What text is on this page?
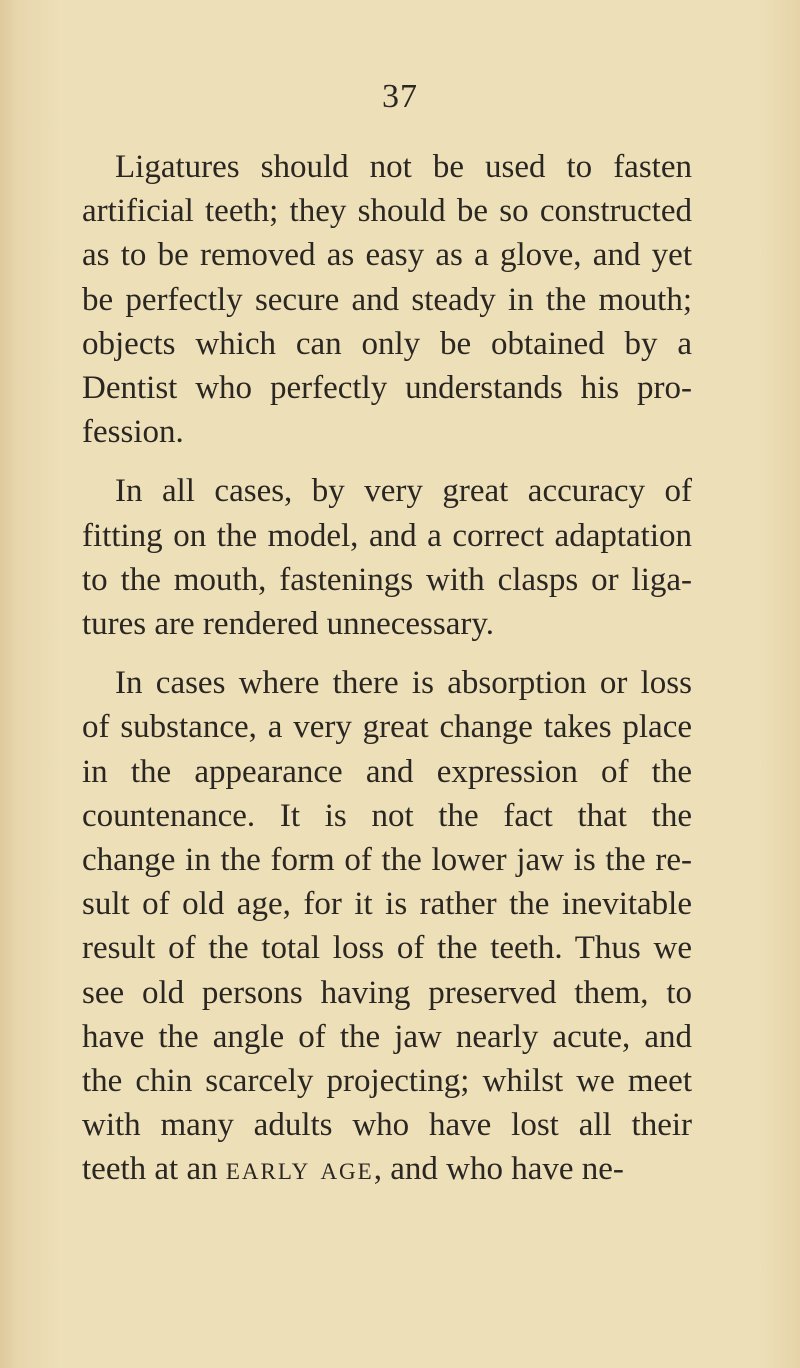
37
Ligatures should not be used to fasten
artificial teeth; they should be so constructed
as to be removed as easy as a glove, and yet
be perfectly secure and steady in the mouth;
objects which can only be obtained by a
Dentist who perfectly understands his pro-
fession.
In all cases, by very great accuracy of
fitting on the model, and a correct adaptation
to the mouth, fastenings with clasps or liga-
tures are rendered unnecessary.
In cases where there is absorption or loss
of substance, a very great change takes place
in the appearance and expression of the
countenance. It is not the fact that the
change in the form of the lower jaw is the re-
sult of old age, for it is rather the inevitable
result of the total loss of the teeth. Thus we
see old persons having preserved them, to
have the angle of the jaw nearly acute, and
the chin scarcely projecting; whilst we meet
with many adults who have lost all their
teeth at an early age, and who have ne-
